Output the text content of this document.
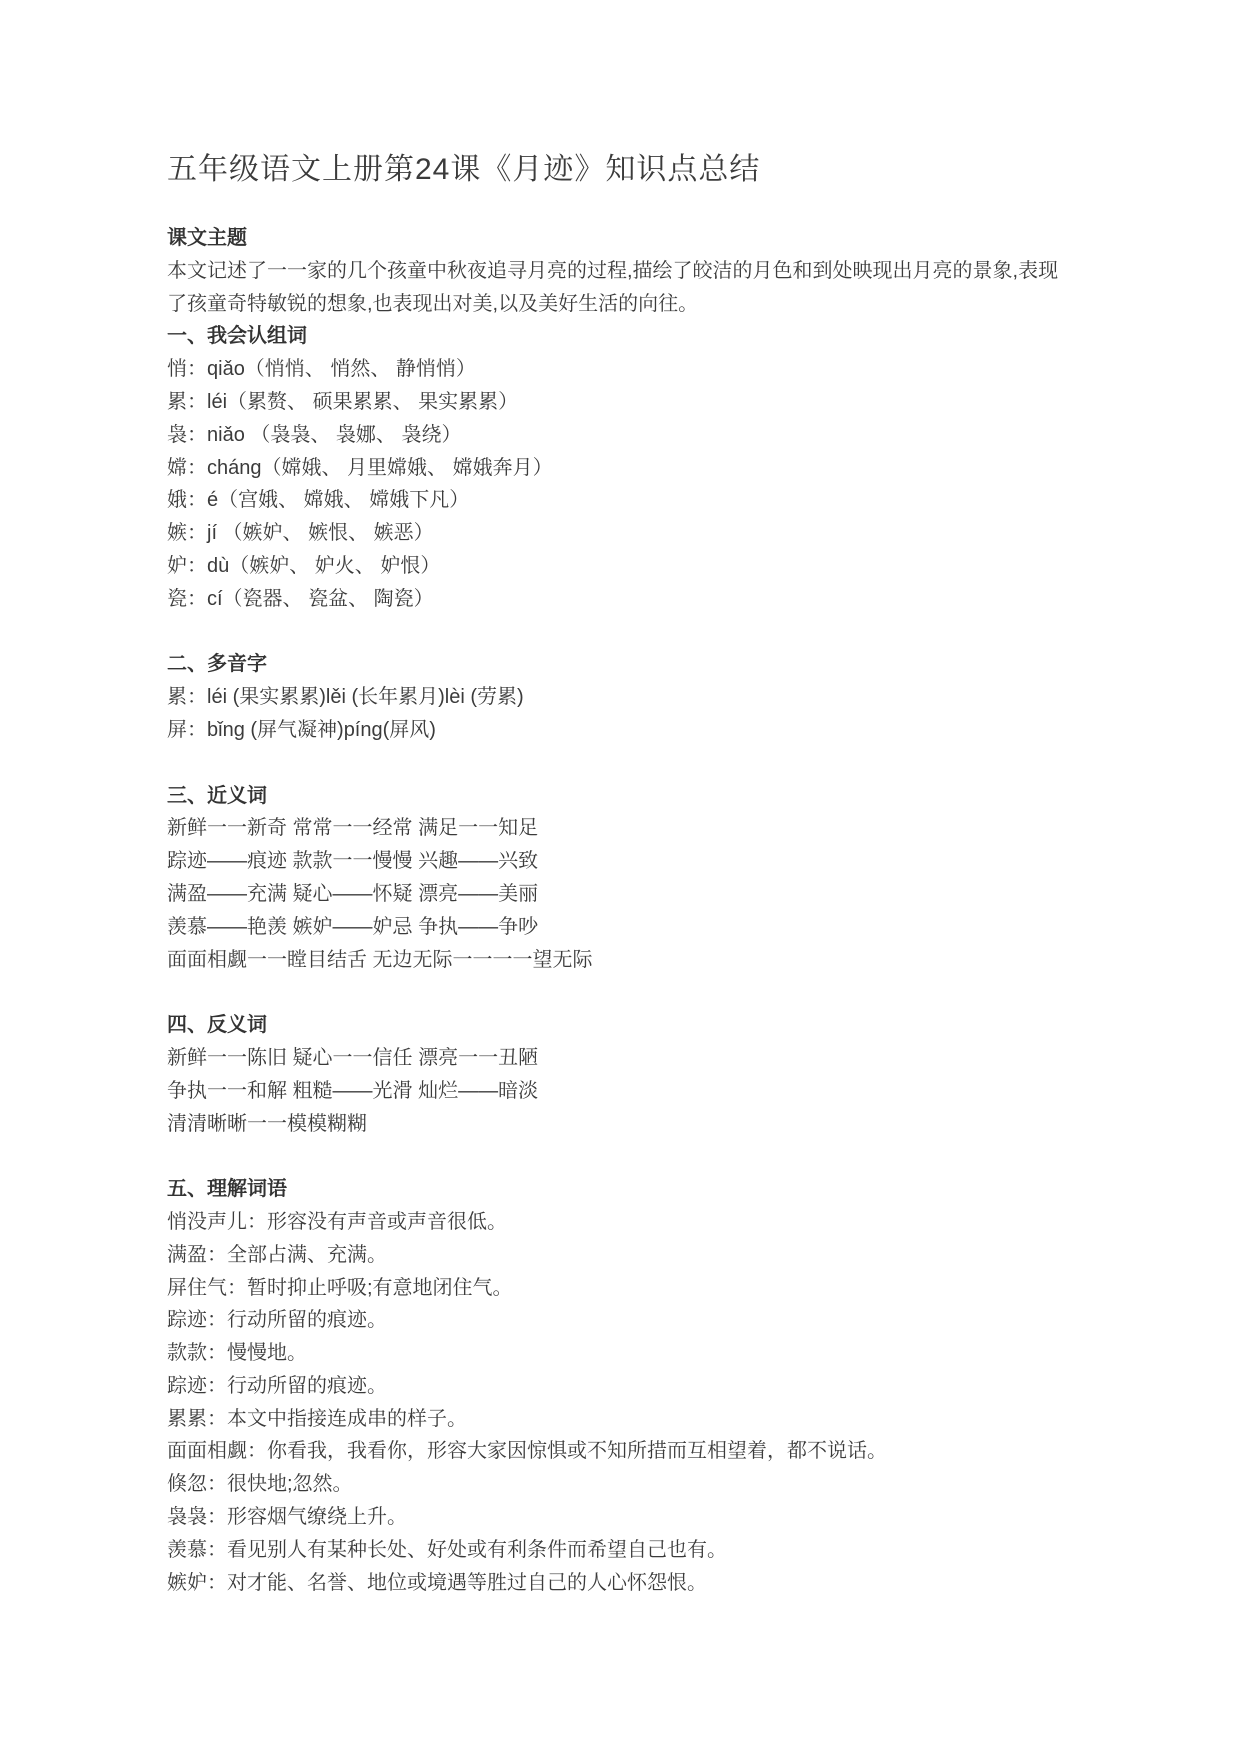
五年级语文上册第24课《月迹》知识点总结
课文主题
本文记述了一一家的几个孩童中秋夜追寻月亮的过程,描绘了皎洁的月色和到处映现出月亮的景象,表现了孩童奇特敏锐的想象,也表现出对美,以及美好生活的向往。
一、我会认组词
悄：qiǎo（悄悄、 悄然、 静悄悄）
累：léi（累赘、 硕果累累、 果实累累）
袅：niǎo （袅袅、 袅娜、 袅绕）
嫦：cháng（嫦娥、 月里嫦娥、 嫦娥奔月）
娥：é（宫娥、 嫦娥、 嫦娥下凡）
嫉：jí （嫉妒、 嫉恨、 嫉恶）
妒：dù（嫉妒、 妒火、 妒恨）
瓷：cí（瓷器、 瓷盆、 陶瓷）
二、多音字
累：léi (果实累累)lěi (长年累月)lèi (劳累)
屏：bǐng (屏气凝神)píng(屏风)
三、近义词
新鲜一一新奇 常常一一经常 满足一一知足
踪迹——痕迹 款款一一慢慢 兴趣——兴致
满盈——充满 疑心——怀疑 漂亮——美丽
羡慕——艳羡 嫉妒——妒忌 争执——争吵
面面相觑一一瞠目结舌 无边无际一一一一望无际
四、反义词
新鲜一一陈旧 疑心一一信任 漂亮一一丑陋
争执一一和解 粗糙——光滑 灿烂——暗淡
清清晰晰一一模模糊糊
五、理解词语
悄没声儿：形容没有声音或声音很低。
满盈：全部占满、充满。
屏住气：暂时抑止呼吸;有意地闭住气。
踪迹：行动所留的痕迹。
款款：慢慢地。
踪迹：行动所留的痕迹。
累累：本文中指接连成串的样子。
面面相觑：你看我，我看你，形容大家因惊惧或不知所措而互相望着，都不说话。
倏忽：很快地;忽然。
袅袅：形容烟气缭绕上升。
羡慕：看见别人有某种长处、好处或有利条件而希望自己也有。
嫉妒：对才能、名誉、地位或境遇等胜过自己的人心怀怨恨。
